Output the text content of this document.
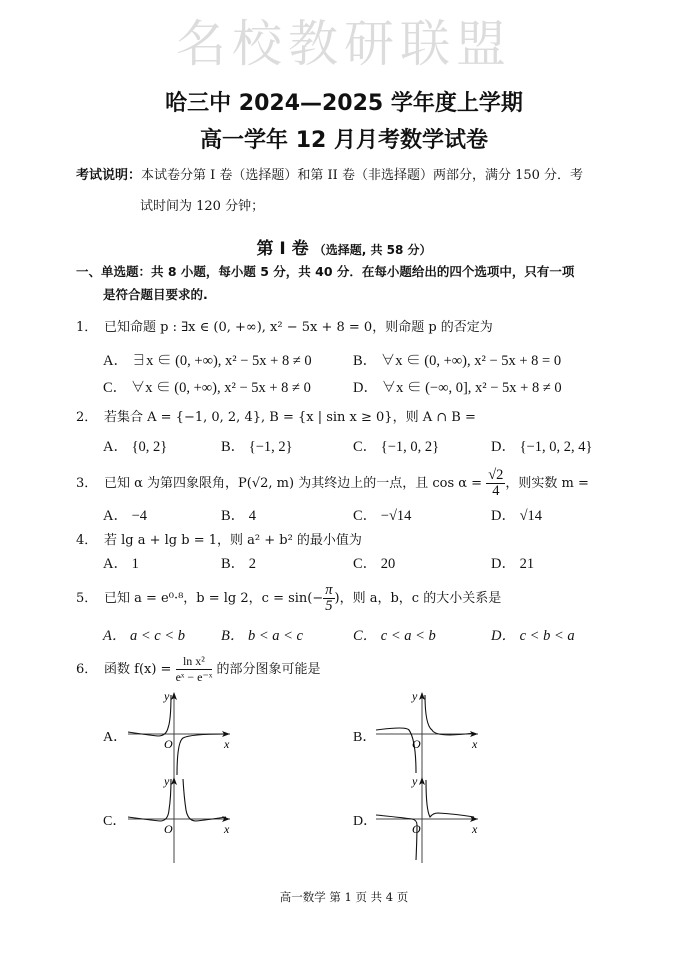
名校教研联盟
哈三中 2024—2025 学年度上学期
高一学年 12 月月考数学试卷
考试说明：本试卷分第 I 卷（选择题）和第 II 卷（非选择题）两部分，满分 150 分．考
试时间为 120 分钟；
第 I 卷 （选择题, 共 58 分）
一、单选题：共 8 小题，每小题 5 分，共 40 分．在每小题给出的四个选项中，只有一项
是符合题目要求的.
1． 已知命题 p : ∃x ∈ (0, +∞), x² − 5x + 8 = 0，则命题 p 的否定为
A． ∃x ∈ (0, +∞), x² − 5x + 8 ≠ 0	B． ∀x ∈ (0, +∞), x² − 5x + 8 = 0
C． ∀x ∈ (0, +∞), x² − 5x + 8 ≠ 0	D． ∀x ∈ (−∞, 0], x² − 5x + 8 ≠ 0
2． 若集合 A = {−1, 0, 2, 4}, B = {x | sin x ≥ 0}，则 A ∩ B =
A． {0, 2}	B． {−1, 2}	C． {−1, 0, 2}	D． {−1, 0, 2, 4}
3． 已知 α 为第四象限角，P(√2, m) 为其终边上的一点，且 $\cos \alpha = \frac{√2}{4}$ ，则实数 m =
A． −4	B． 4	C． −√14	D． √14
4． 若 lg a + lg b = 1，则 a² + b² 的最小值为
A． 1	B． 2	C． 20	D． 21
5． 已知 a = e⁰·⁸，b = lg 2，$c = \sin(- \frac{\pi}{5}$ )，则 a，b，c 的大小关系是
A． a < c < b B． b < a < c	C． c < a < b	D． c < b < a
6． 函数 $f(x) = \frac{\text{ln x²}}{\text{eˣ − e⁻ˣ}}$ 的部分图象可能是
A．	B．
C．	D．
y
O	x
y
O	x
y
O	x
y
O	x
高一数学 第 1 页 共 4 页
